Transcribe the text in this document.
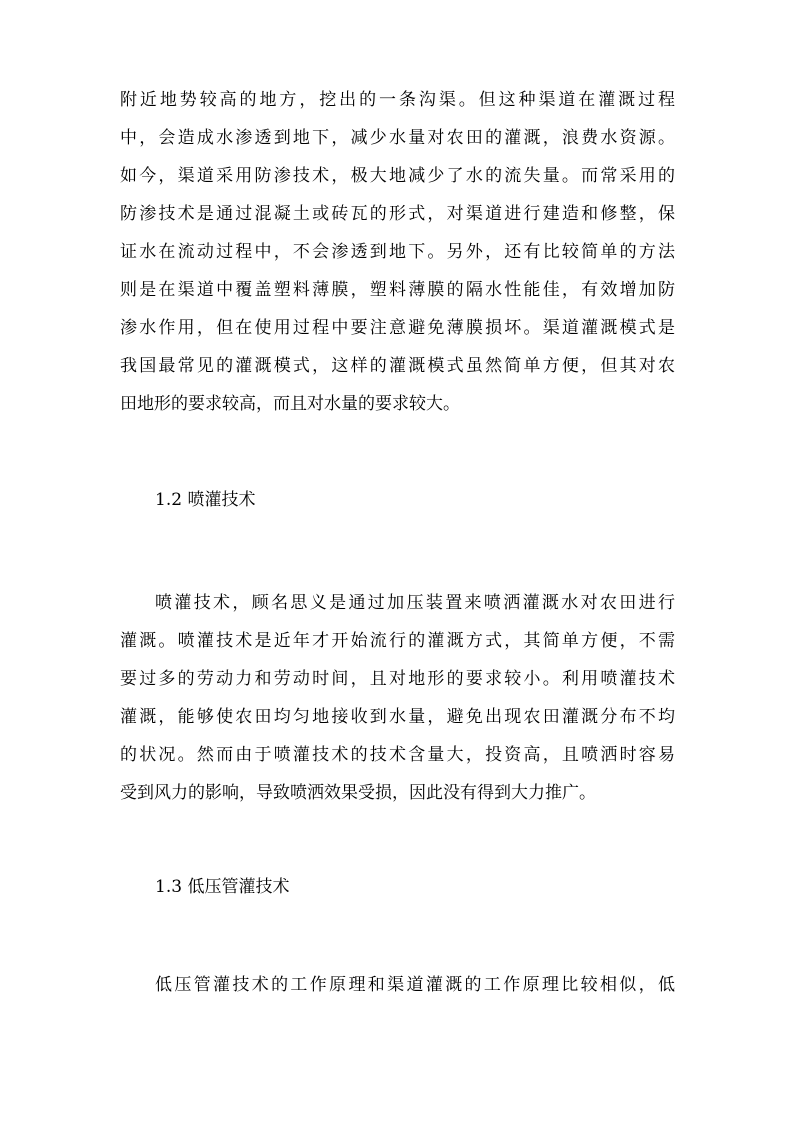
附近地势较高的地方，挖出的一条沟渠。但这种渠道在灌溉过程
中，会造成水渗透到地下，减少水量对农田的灌溉，浪费水资源。
如今，渠道采用防渗技术，极大地减少了水的流失量。而常采用的
防渗技术是通过混凝土或砖瓦的形式，对渠道进行建造和修整，保
证水在流动过程中，不会渗透到地下。另外，还有比较简单的方法
则是在渠道中覆盖塑料薄膜，塑料薄膜的隔水性能佳，有效增加防
渗水作用，但在使用过程中要注意避免薄膜损坏。渠道灌溉模式是
我国最常见的灌溉模式，这样的灌溉模式虽然简单方便，但其对农
田地形的要求较高，而且对水量的要求较大。
1.2 喷灌技术
喷灌技术，顾名思义是通过加压装置来喷洒灌溉水对农田进行
灌溉。喷灌技术是近年才开始流行的灌溉方式，其简单方便，不需
要过多的劳动力和劳动时间，且对地形的要求较小。利用喷灌技术
灌溉，能够使农田均匀地接收到水量，避免出现农田灌溉分布不均
的状况。然而由于喷灌技术的技术含量大，投资高，且喷洒时容易
受到风力的影响，导致喷洒效果受损，因此没有得到大力推广。
1.3 低压管灌技术
低压管灌技术的工作原理和渠道灌溉的工作原理比较相似，低
